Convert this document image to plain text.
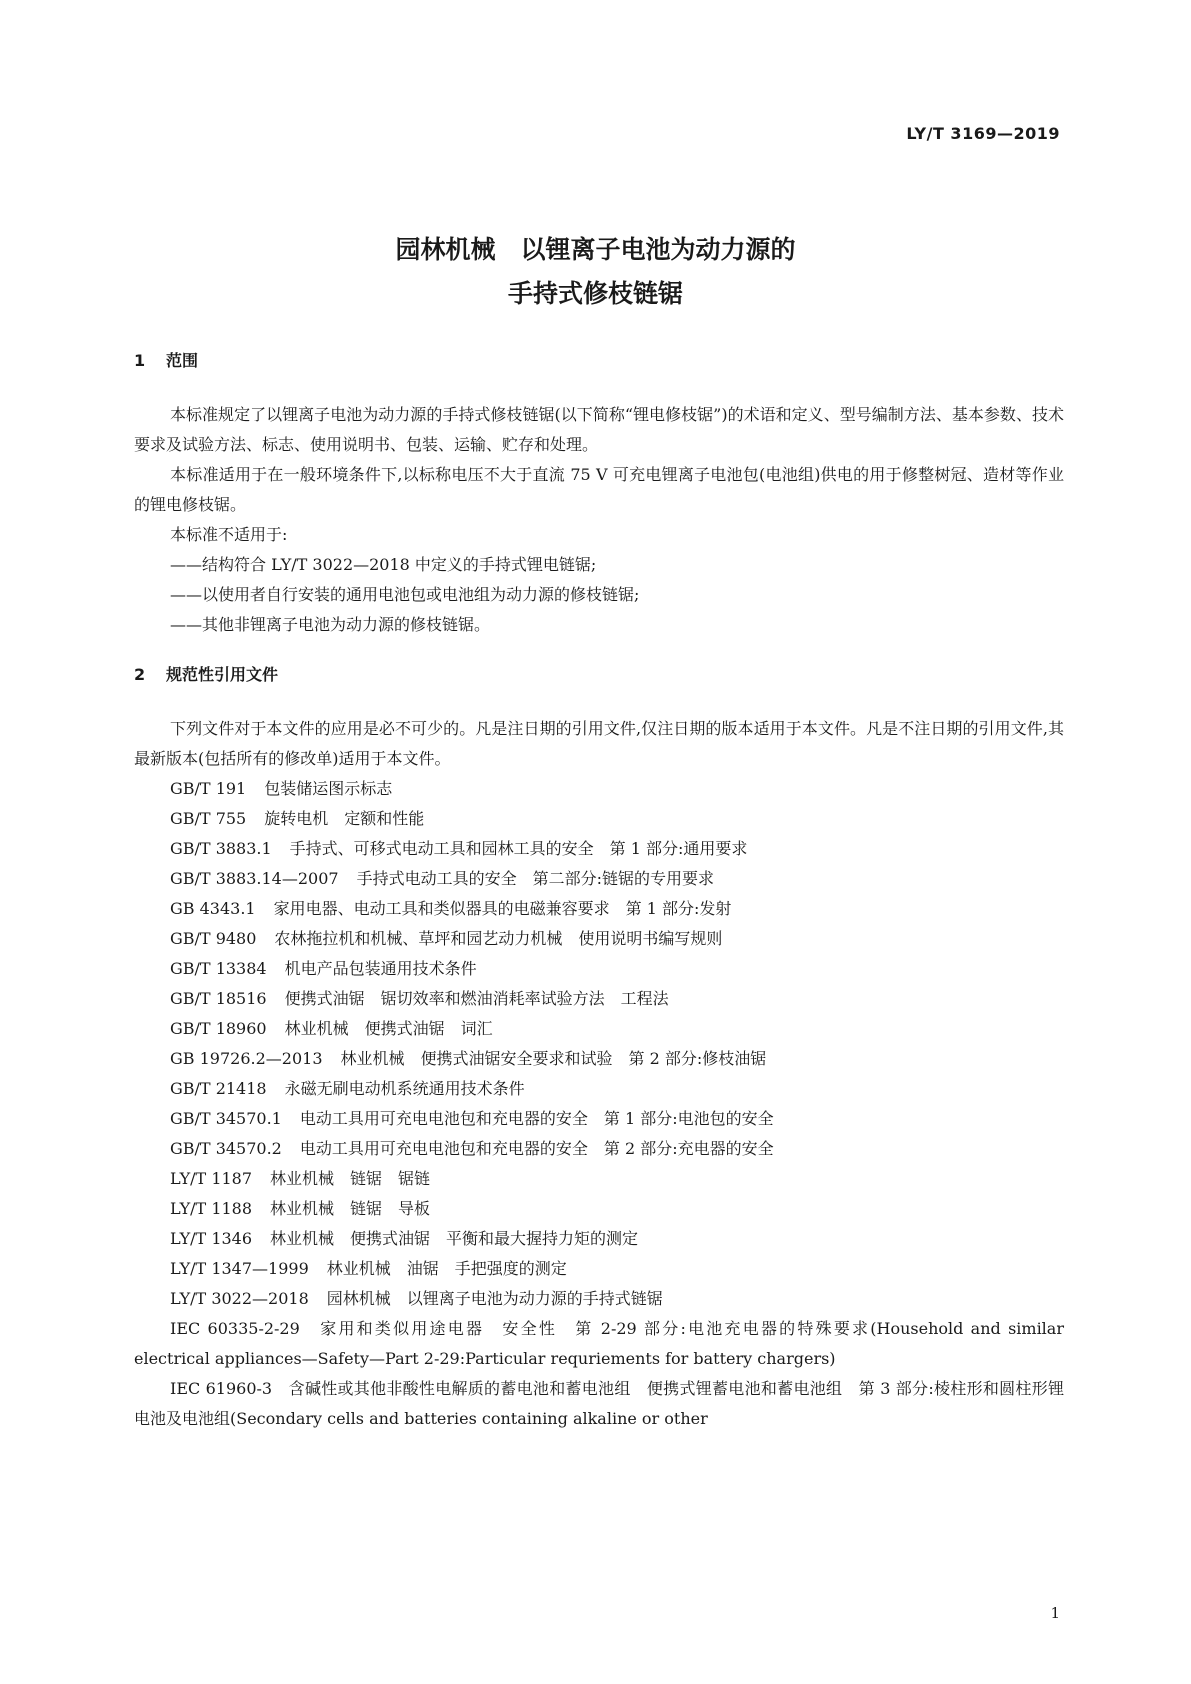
LY/T 3169—2019
园林机械　以锂离子电池为动力源的
手持式修枝链锯
1 范围

本标准规定了以锂离子电池为动力源的手持式修枝链锯(以下简称“锂电修枝锯”)的术语和定义、型号编制方法、基本参数、技术要求及试验方法、标志、使用说明书、包装、运输、贮存和处理。

本标准适用于在一般环境条件下,以标称电压不大于直流 75 V 可充电锂离子电池包(电池组)供电的用于修整树冠、造材等作业的锂电修枝锯。

本标准不适用于:

——结构符合 LY/T 3022—2018 中定义的手持式锂电链锯;

——以使用者自行安装的通用电池包或电池组为动力源的修枝链锯;

——其他非锂离子电池为动力源的修枝链锯。

2 规范性引用文件

下列文件对于本文件的应用是必不可少的。凡是注日期的引用文件,仅注日期的版本适用于本文件。凡是不注日期的引用文件,其最新版本(包括所有的修改单)适用于本文件。

GB/T 191 包装储运图示标志

GB/T 755 旋转电机　定额和性能

GB/T 3883.1 手持式、可移式电动工具和园林工具的安全　第 1 部分:通用要求

GB/T 3883.14—2007 手持式电动工具的安全　第二部分:链锯的专用要求

GB 4343.1 家用电器、电动工具和类似器具的电磁兼容要求　第 1 部分:发射

GB/T 9480 农林拖拉机和机械、草坪和园艺动力机械　使用说明书编写规则

GB/T 13384 机电产品包装通用技术条件

GB/T 18516 便携式油锯　锯切效率和燃油消耗率试验方法　工程法

GB/T 18960 林业机械　便携式油锯　词汇

GB 19726.2—2013 林业机械　便携式油锯安全要求和试验　第 2 部分:修枝油锯

GB/T 21418 永磁无刷电动机系统通用技术条件

GB/T 34570.1 电动工具用可充电电池包和充电器的安全　第 1 部分:电池包的安全

GB/T 34570.2 电动工具用可充电电池包和充电器的安全　第 2 部分:充电器的安全

LY/T 1187 林业机械　链锯　锯链

LY/T 1188 林业机械　链锯　导板

LY/T 1346 林业机械　便携式油锯　平衡和最大握持力矩的测定

LY/T 1347—1999 林业机械　油锯　手把强度的测定

LY/T 3022—2018 园林机械　以锂离子电池为动力源的手持式链锯

IEC 60335-2-29　家用和类似用途电器　安全性　第 2-29 部分:电池充电器的特殊要求(Household and similar electrical appliances—Safety—Part 2-29:Particular requriements for battery chargers)

IEC 61960-3　含碱性或其他非酸性电解质的蓄电池和蓄电池组　便携式锂蓄电池和蓄电池组　第 3 部分:棱柱形和圆柱形锂电池及电池组(Secondary cells and batteries containing alkaline or other

1
